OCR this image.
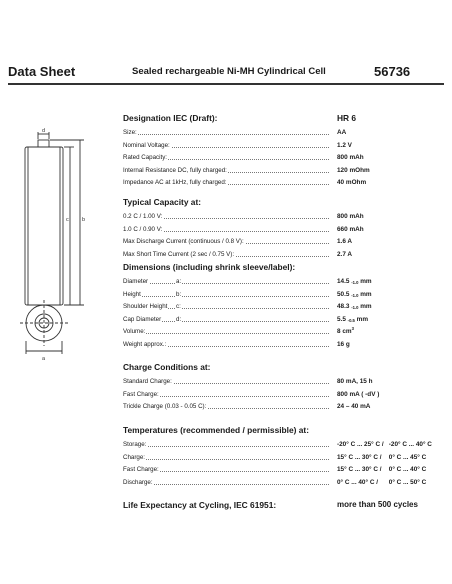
Data Sheet	Sealed rechargeable Ni-MH Cylindrical Cell	56736
d
c b
a
Designation IEC (Draft):	HR 6
Size:	AA
Nominal Voltage:	1.2 V
Rated Capacity:	800 mAh
Internal Resistance DC, fully charged:	120 mOhm
Impedance AC at 1kHz, fully charged:	40 mOhm
Typical Capacity at:
0.2 C / 1.00 V:	800 mAh
1.0 C / 0.90 V:	660 mAh
Max Discharge Current (continuous / 0.8 V):	1.6 A
Max Short Time Current (2 sec / 0.75 V):	2.7 A
Dimensions (including shrink sleeve/label):
Diameter	a:	14.5 -1.0 mm
Height	b:	50.5 -1.0 mm
Shoulder Height c:	48.3 -1.0 mm
Cap Diameter d:	5.5 -0.5 mm
Volume:	8 $cm^3$
Weight approx.:	16 g
Charge Conditions at:
Standard Charge:	80 mA, 15 h
Fast Charge:	800 mA ( -dV )
Trickle Charge (0.03 - 0.05 C):	24 – 40 mA
Temperatures (recommended / permissible) at:
Storage:	-20° C ... 25° C / -20° C ... 40° C
Charge:	15° C ... 30° C / 0° C ... 45° C
Fast Charge:	15° C ... 30° C / 0° C ... 40° C
Discharge:	0° C ... 40° C / 0° C ... 50° C
Life Expectancy at Cycling, IEC 61951:	more than 500 cycles
